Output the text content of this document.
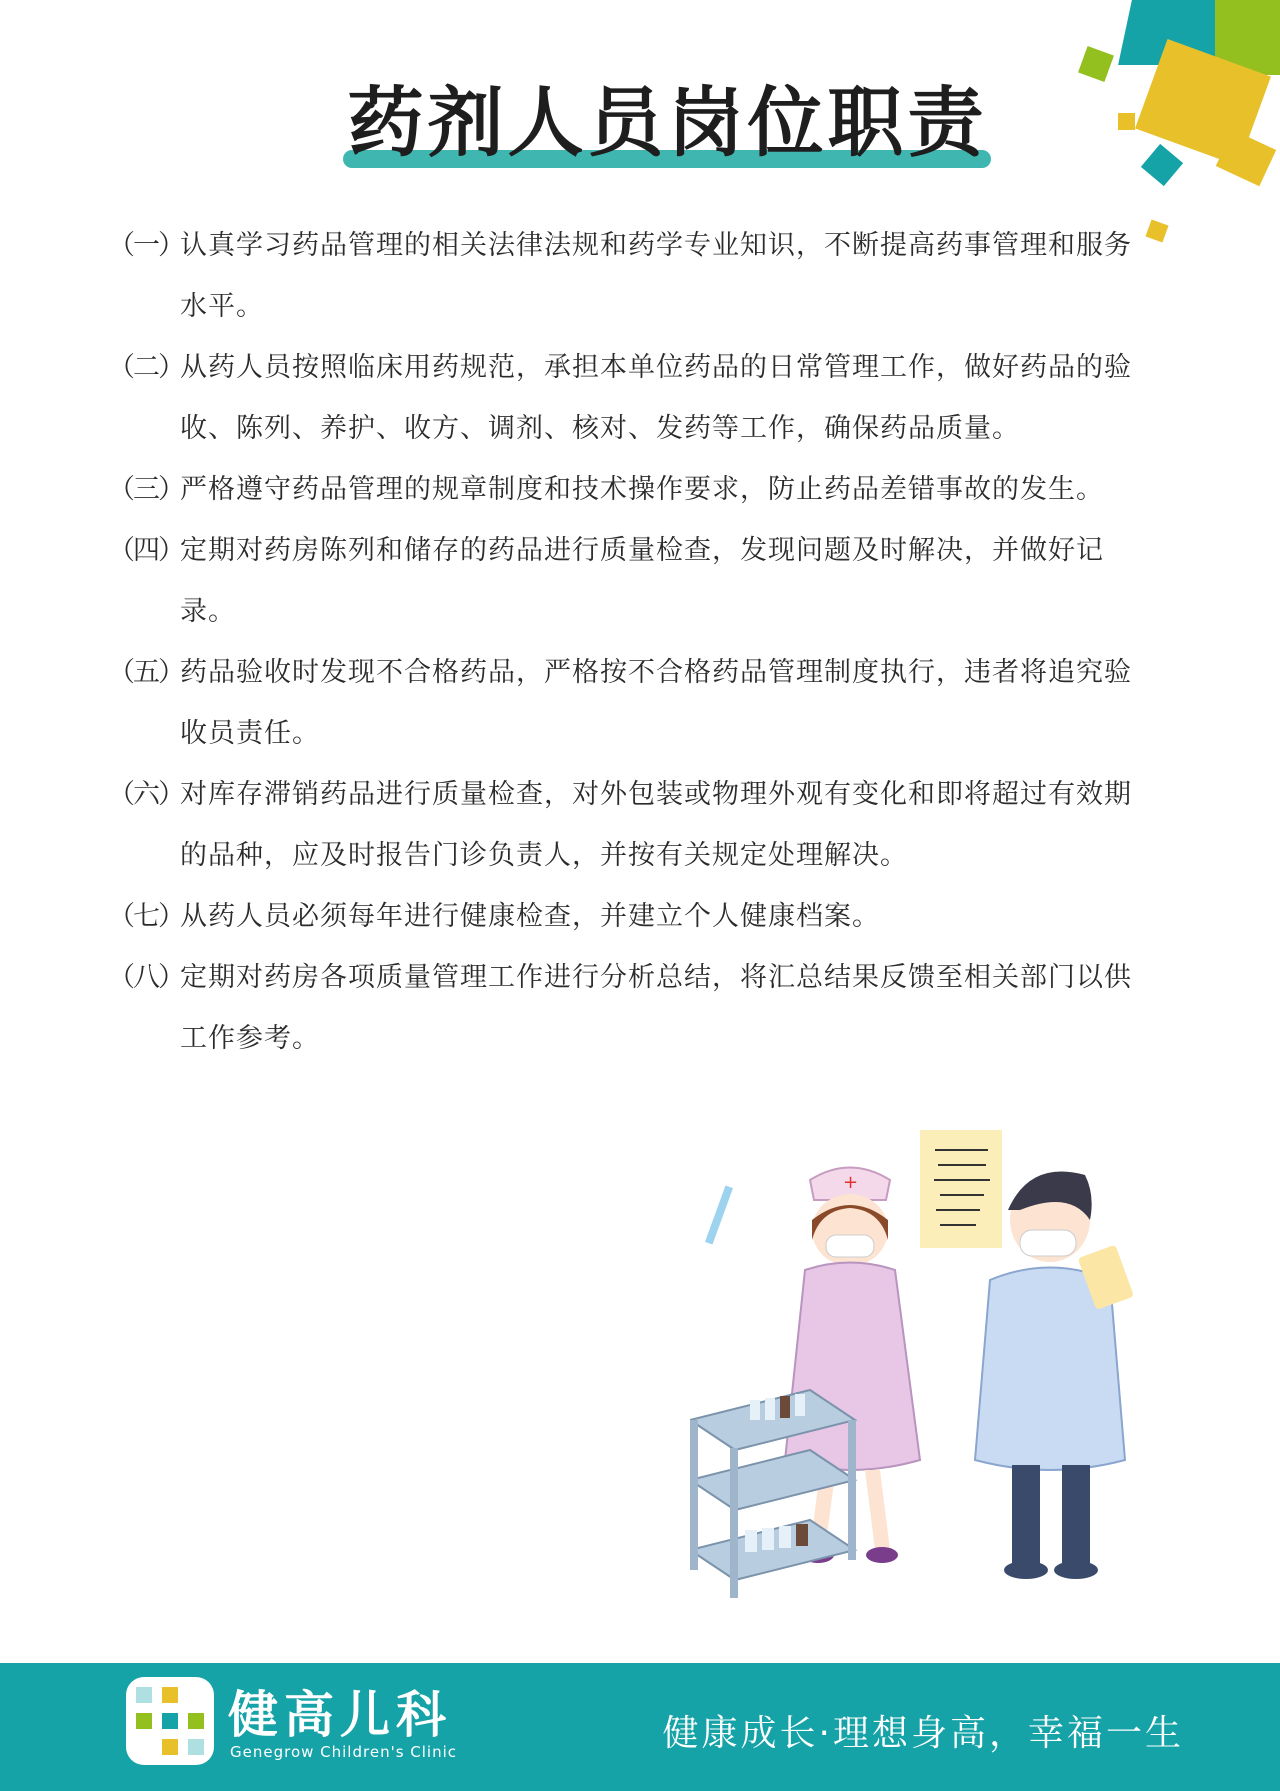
药剂人员岗位职责
（一）
认真学习药品管理的相关法律法规和药学专业知识，不断提高药事管理和服务水平。
（二）
从药人员按照临床用药规范，承担本单位药品的日常管理工作，做好药品的验收、陈列、养护、收方、调剂、核对、发药等工作，确保药品质量。
（三）
严格遵守药品管理的规章制度和技术操作要求，防止药品差错事故的发生。
（四）
定期对药房陈列和储存的药品进行质量检查，发现问题及时解决，并做好记录。
（五）
药品验收时发现不合格药品，严格按不合格药品管理制度执行，违者将追究验收员责任。
（六）
对库存滞销药品进行质量检查，对外包装或物理外观有变化和即将超过有效期的品种，应及时报告门诊负责人，并按有关规定处理解决。
（七）
从药人员必须每年进行健康检查，并建立个人健康档案。
（八）
定期对药房各项质量管理工作进行分析总结，将汇总结果反馈至相关部门以供工作参考。
+
健高儿科
Genegrow Children's Clinic	健康成长·理想身高，幸福一生
